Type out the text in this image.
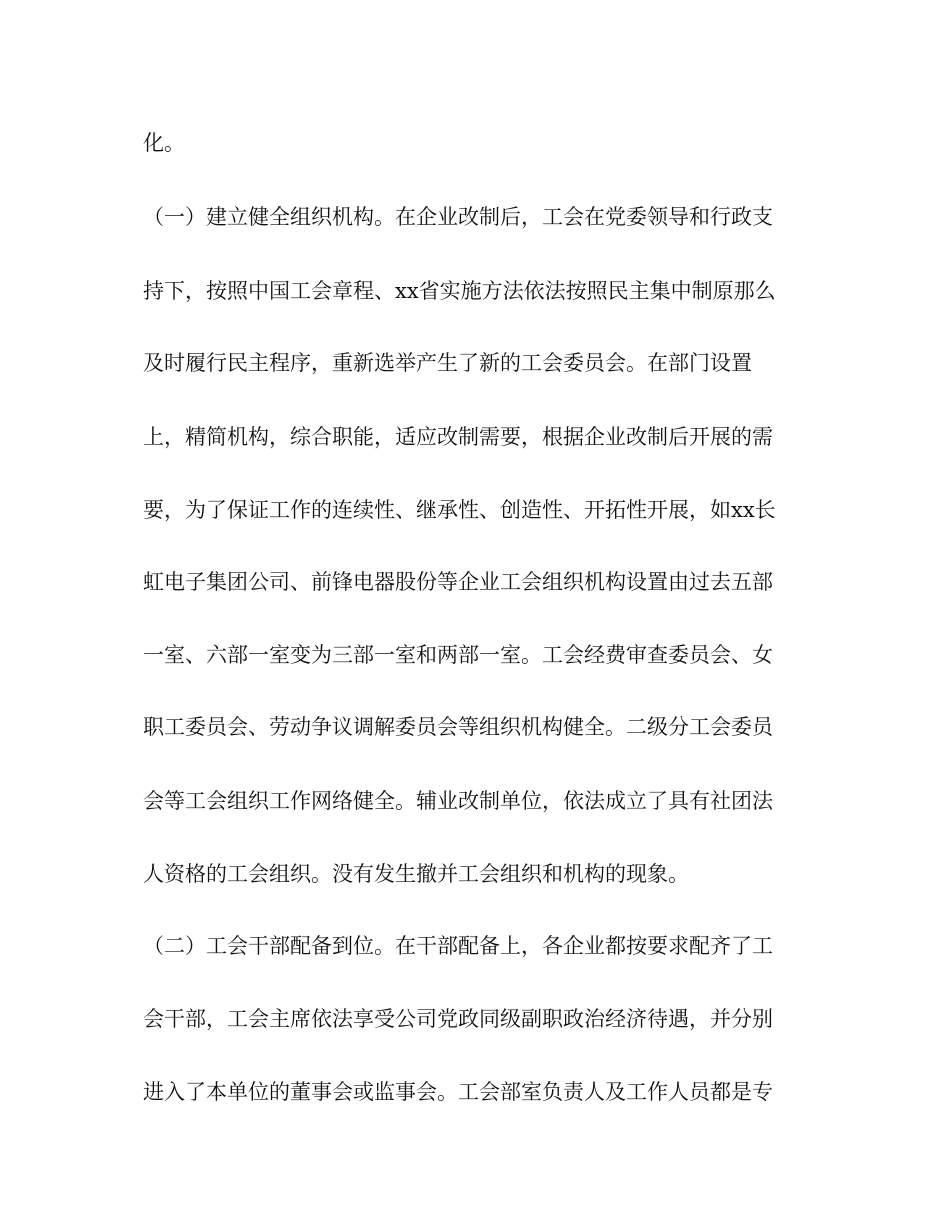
化。
（一）建立健全组织机构。在企业改制后，工会在党委领导和行政支
持下，按照中国工会章程、xx省实施方法依法按照民主集中制原那么
及时履行民主程序，重新选举产生了新的工会委员会。在部门设置
上，精简机构，综合职能，适应改制需要，根据企业改制后开展的需
要，为了保证工作的连续性、继承性、创造性、开拓性开展，如xx长
虹电子集团公司、前锋电器股份等企业工会组织机构设置由过去五部
一室、六部一室变为三部一室和两部一室。工会经费审查委员会、女
职工委员会、劳动争议调解委员会等组织机构健全。二级分工会委员
会等工会组织工作网络健全。辅业改制单位，依法成立了具有社团法
人资格的工会组织。没有发生撤并工会组织和机构的现象。
（二）工会干部配备到位。在干部配备上，各企业都按要求配齐了工
会干部，工会主席依法享受公司党政同级副职政治经济待遇，并分别
进入了本单位的董事会或监事会。工会部室负责人及工作人员都是专
